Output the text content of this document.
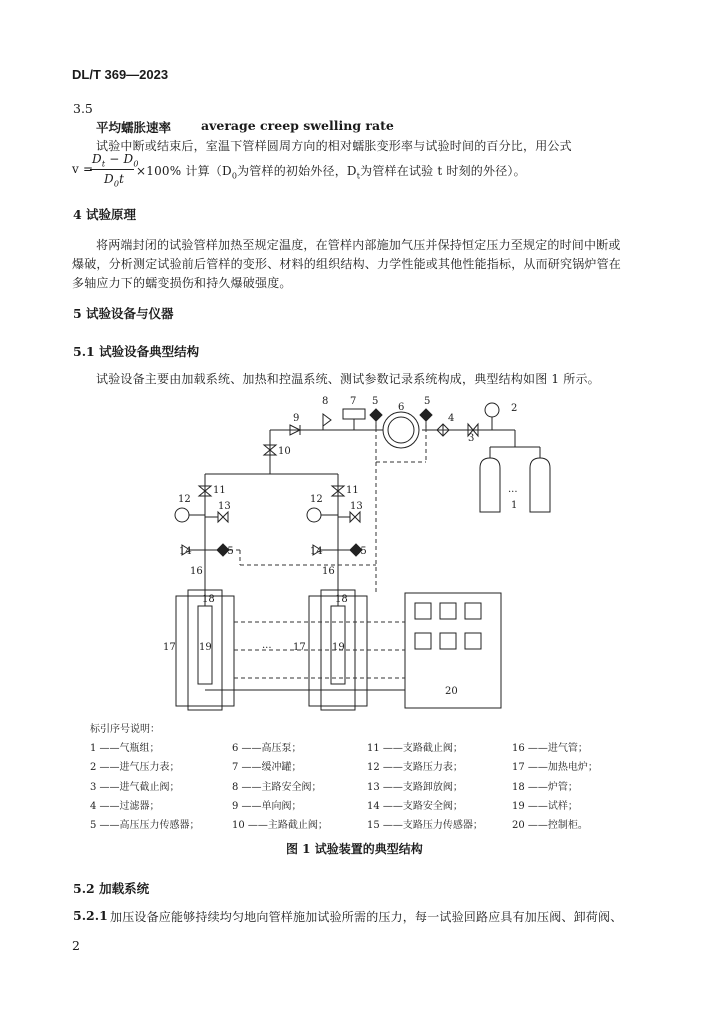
DL/T 369—2023
3.5
平均蠕胀速率 average creep swelling rate
试验中断或结束后，室温下管样圆周方向的相对蠕胀变形率与试验时间的百分比，用公式
v =
$D_t - D_0$
$D_0t$
×100% 计算（$D_0$为管样的初始外径，$D_t$为管样在试验 t 时刻的外径）。
4 试验原理
将两端封闭的试验管样加热至规定温度，在管样内部施加气压并保持恒定压力至规定的时间中断或
爆破，分析测定试验前后管样的变形、材料的组织结构、力学性能或其他性能指标，从而研究锅炉管在
多轴应力下的蠕变损伤和持久爆破强度。
5 试验设备与仪器
5.1 试验设备典型结构
试验设备主要由加载系统、加热和控温系统、测试参数记录系统构成，典型结构如图 1 所示。
1
2
3
4
5	5
6
7
8
9
10
11	11
12	12
13	13
14	14
15	15
16	16
17	17
18	18
19	19
20
...
...
标引序号说明：
1 ——气瓶组；	6 ——高压泵；	11 ——支路截止阀；	16 ——进气管；
2 ——进气压力表；	7 ——缓冲罐；	12 ——支路压力表；	17 ——加热电炉；
3 ——进气截止阀；	8 ——主路安全阀；	13 ——支路卸放阀；	18 ——炉管；
4 ——过滤器；	9 ——单向阀；	14 ——支路安全阀；	19 ——试样；
5 ——高压压力传感器；	10 ——主路截止阀；	15 ——支路压力传感器；	20 ——控制柜。
图 1 试验装置的典型结构
5.2 加载系统
5.2.1 加压设备应能够持续均匀地向管样施加试验所需的压力，每一试验回路应具有加压阀、卸荷阀、
2
